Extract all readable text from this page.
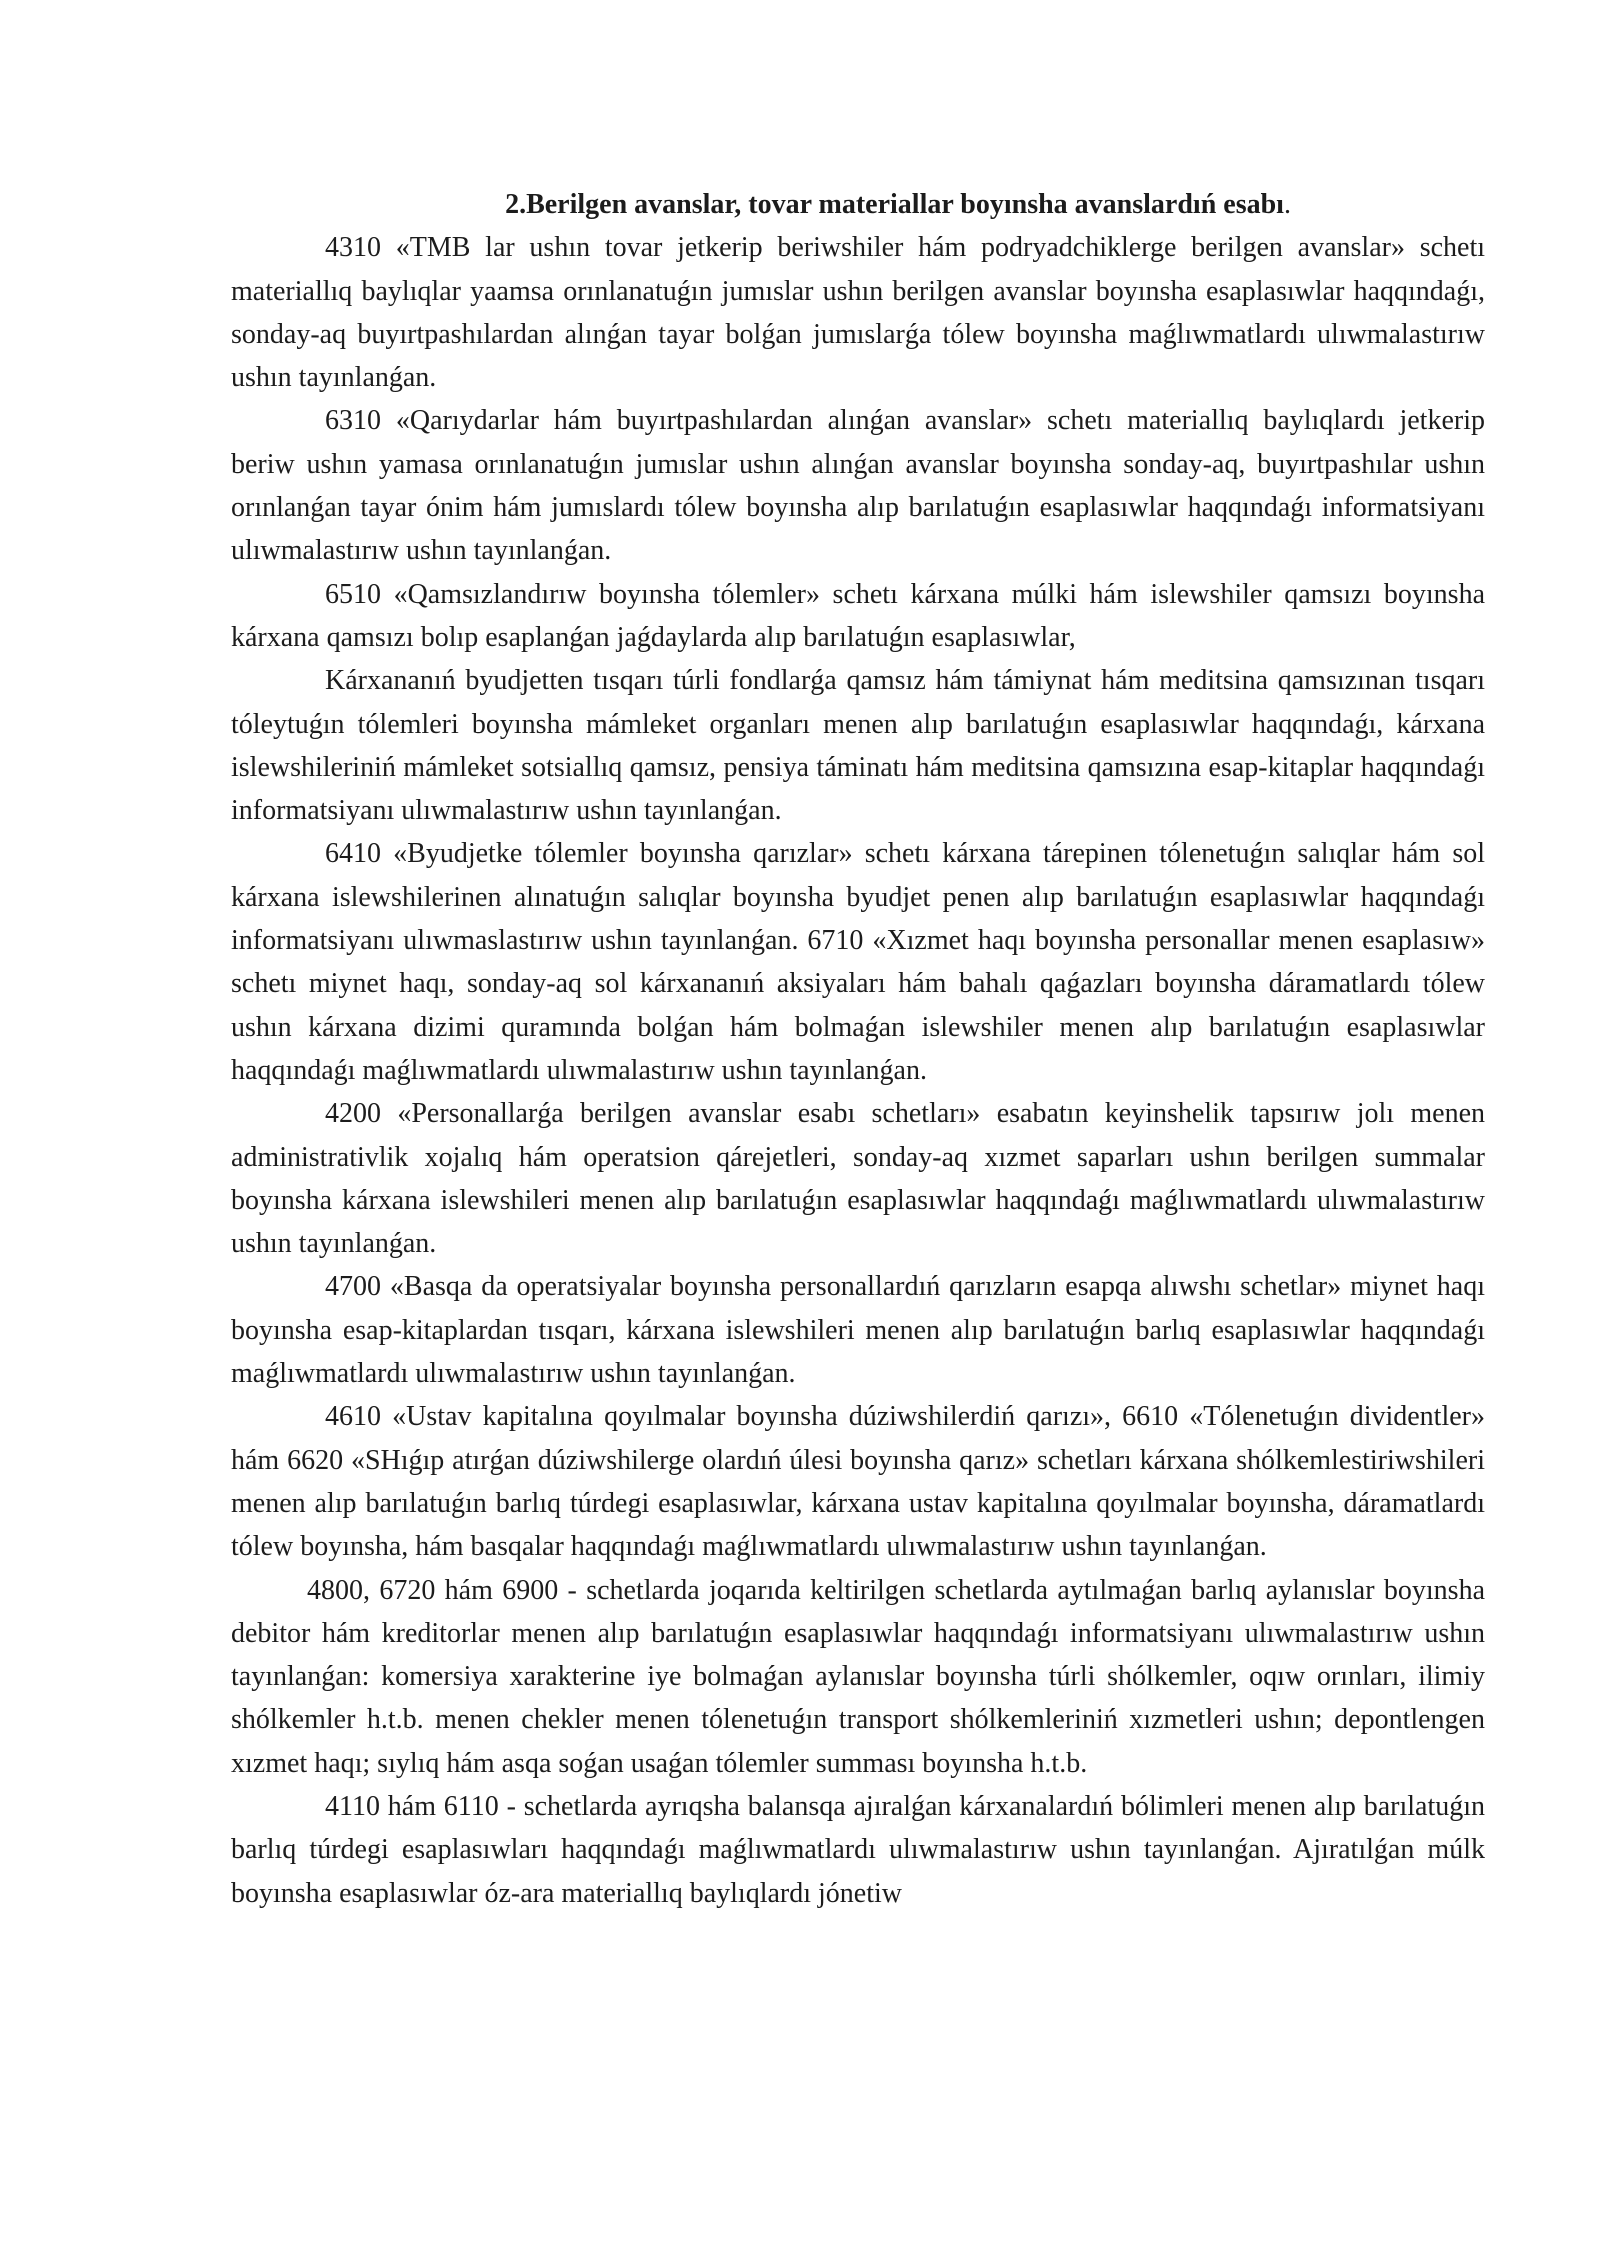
2.Berilgen avanslar, tovar materiallar boyınsha avanslardıń esabı.

4310 «TMB lar ushın tovar jetkerip beriwshiler hám podryadchiklerge berilgen avanslar» schetı materiallıq baylıqlar yaamsa orınlanatuǵın jumıslar ushın berilgen avanslar boyınsha esaplasıwlar haqqındaǵı, sonday-aq buyırtpashılardan alınǵan tayar bolǵan jumıslarǵa tólew boyınsha maǵlıwmatlardı ulıwmalastırıw ushın tayınlanǵan.

6310 «Qarıydarlar hám buyırtpashılardan alınǵan avanslar» schetı materiallıq baylıqlardı jetkerip beriw ushın yamasa orınlanatuǵın jumıslar ushın alınǵan avanslar boyınsha sonday-aq, buyırtpashılar ushın orınlanǵan tayar ónim hám jumıslardı tólew boyınsha alıp barılatuǵın esaplasıwlar haqqındaǵı informatsiyanı ulıwmalastırıw ushın tayınlanǵan.

6510 «Qamsızlandırıw boyınsha tólemler» schetı kárxana múlki hám islewshiler qamsızı boyınsha kárxana qamsızı bolıp esaplanǵan jaǵdaylarda alıp barılatuǵın esaplasıwlar,

Kárxananıń byudjetten tısqarı túrli fondlarǵa qamsız hám támiynat hám meditsina qamsızınan tısqarı tóleytuǵın tólemleri boyınsha mámleket organları menen alıp barılatuǵın esaplasıwlar haqqındaǵı, kárxana islewshileriniń mámleket sotsiallıq qamsız, pensiya táminatı hám meditsina qamsızına esap-kitaplar haqqındaǵı informatsiyanı ulıwmalastırıw ushın tayınlanǵan.

6410 «Byudjetke tólemler boyınsha qarızlar» schetı kárxana tárepinen tólenetuǵın salıqlar hám sol kárxana islewshilerinen alınatuǵın salıqlar boyınsha byudjet penen alıp barılatuǵın esaplasıwlar haqqındaǵı informatsiyanı ulıwmaslastırıw ushın tayınlanǵan. 6710 «Xızmet haqı boyınsha personallar menen esaplasıw» schetı miynet haqı, sonday-aq sol kárxananıń aksiyaları hám bahalı qaǵazları boyınsha dáramatlardı tólew ushın kárxana dizimi quramında bolǵan hám bolmaǵan islewshiler menen alıp barılatuǵın esaplasıwlar haqqındaǵı maǵlıwmatlardı ulıwmalastırıw ushın tayınlanǵan.

4200 «Personallarǵa berilgen avanslar esabı schetları» esabatın keyinshelik tapsırıw jolı menen administrativlik xojalıq hám operatsion qárejetleri, sonday-aq xızmet saparları ushın berilgen summalar boyınsha kárxana islewshileri menen alıp barılatuǵın esaplasıwlar haqqındaǵı maǵlıwmatlardı ulıwmalastırıw ushın tayınlanǵan.

4700 «Basqa da operatsiyalar boyınsha personallardıń qarızların esapqa alıwshı schetlar» miynet haqı boyınsha esap-kitaplardan tısqarı, kárxana islewshileri menen alıp barılatuǵın barlıq esaplasıwlar haqqındaǵı maǵlıwmatlardı ulıwmalastırıw ushın tayınlanǵan.

4610 «Ustav kapitalına qoyılmalar boyınsha dúziwshilerdiń qarızı», 6610 «Tólenetuǵın dividentler» hám 6620 «SHıǵıp atırǵan dúziwshilerge olardıń úlesi boyınsha qarız» schetları kárxana shólkemlestiriwshileri menen alıp barılatuǵın barlıq túrdegi esaplasıwlar, kárxana ustav kapitalına qoyılmalar boyınsha, dáramatlardı tólew boyınsha, hám basqalar haqqındaǵı maǵlıwmatlardı ulıwmalastırıw ushın tayınlanǵan.

4800, 6720 hám 6900 - schetlarda joqarıda keltirilgen schetlarda aytılmaǵan barlıq aylanıslar boyınsha debitor hám kreditorlar menen alıp barılatuǵın esaplasıwlar haqqındaǵı informatsiyanı ulıwmalastırıw ushın tayınlanǵan: komersiya xarakterine iye bolmaǵan aylanıslar boyınsha túrli shólkemler, oqıw orınları, ilimiy shólkemler h.t.b. menen chekler menen tólenetuǵın transport shólkemleriniń xızmetleri ushın; depontlengen xızmet haqı; sıylıq hám asqa soǵan usaǵan tólemler summası boyınsha h.t.b.

4110 hám 6110 - schetlarda ayrıqsha balansqa ajıralǵan kárxanalardıń bólimleri menen alıp barılatuǵın barlıq túrdegi esaplasıwları haqqındaǵı maǵlıwmatlardı ulıwmalastırıw ushın tayınlanǵan. Ajıratılǵan múlk boyınsha esaplasıwlar óz-ara materiallıq baylıqlardı jónetiw
